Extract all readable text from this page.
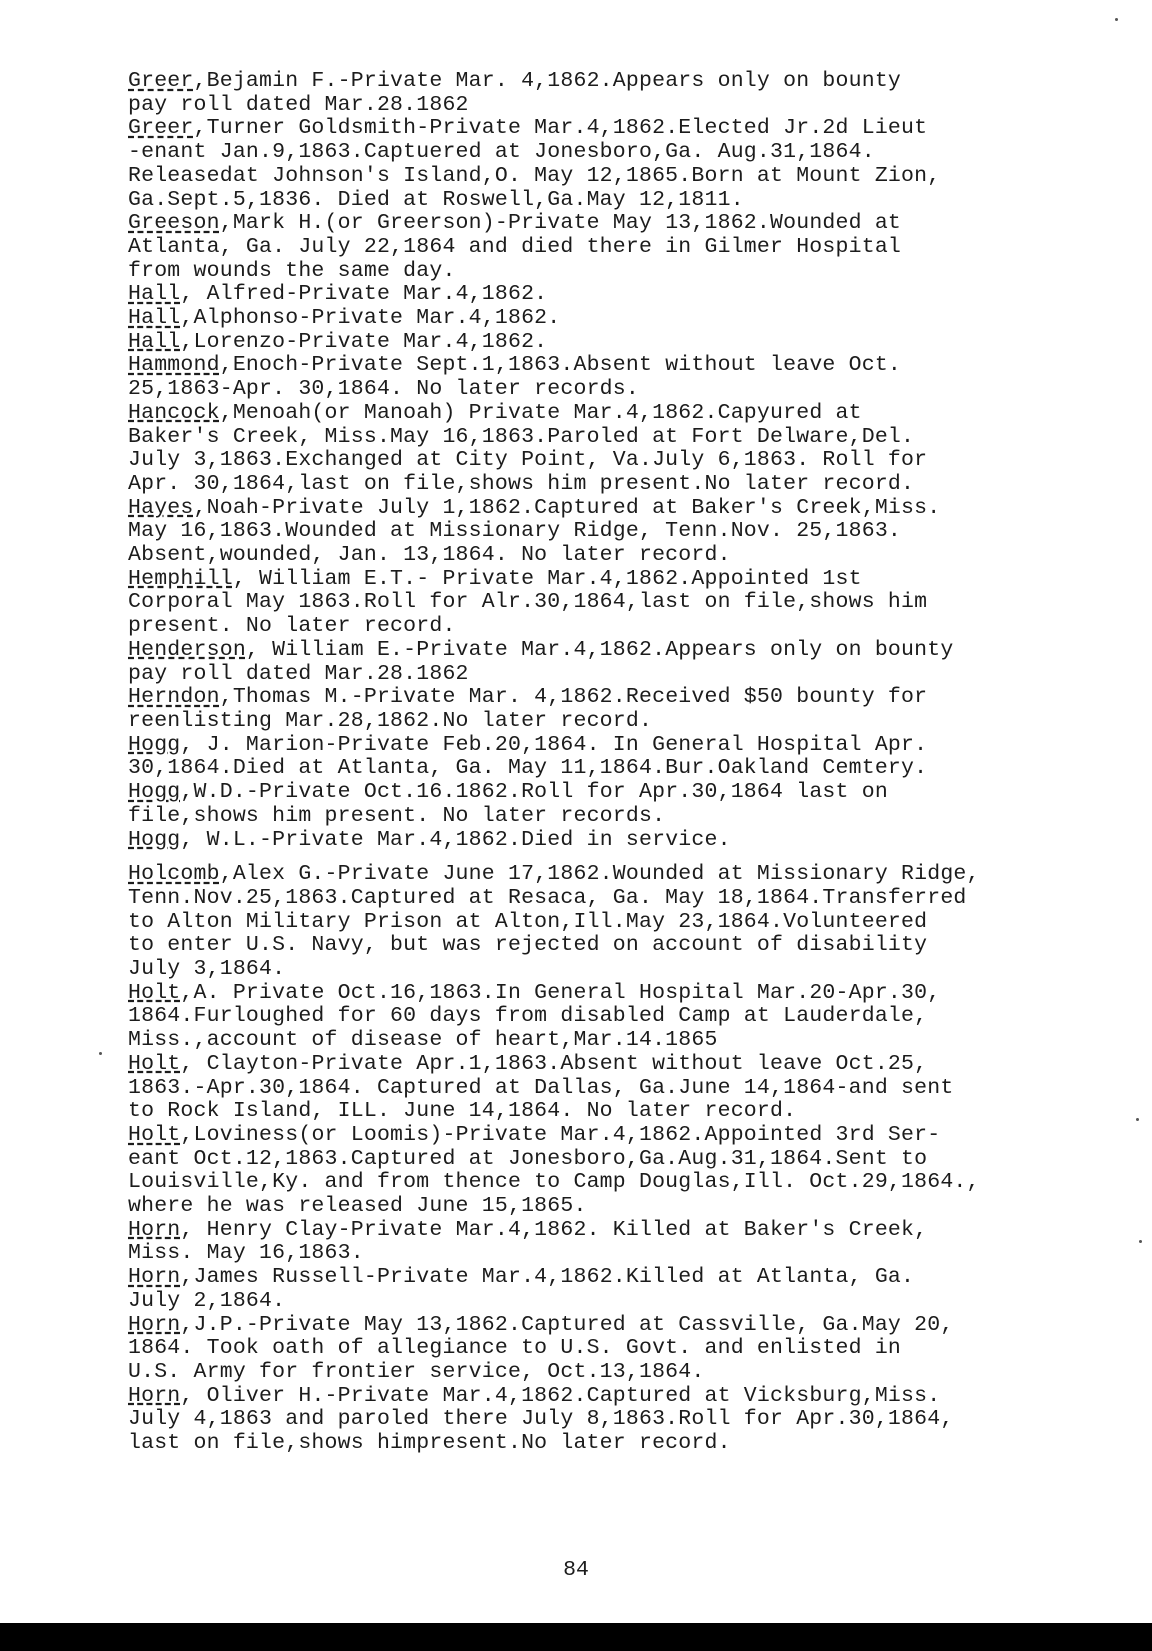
Greer,Bejamin F.-Private Mar. 4,1862.Appears only on bounty
pay roll dated Mar.28.1862
Greer,Turner Goldsmith-Private Mar.4,1862.Elected Jr.2d Lieut
-enant Jan.9,1863.Captuered at Jonesboro,Ga. Aug.31,1864.
Releasedat Johnson's Island,O. May 12,1865.Born at Mount Zion,
Ga.Sept.5,1836. Died at Roswell,Ga.May 12,1811.
Greeson,Mark H.(or Greerson)-Private May 13,1862.Wounded at
Atlanta, Ga. July 22,1864 and died there in Gilmer Hospital
from wounds the same day.
Hall, Alfred-Private Mar.4,1862.
Hall,Alphonso-Private Mar.4,1862.
Hall,Lorenzo-Private Mar.4,1862.
Hammond,Enoch-Private Sept.1,1863.Absent without leave Oct.
25,1863-Apr. 30,1864. No later records.
Hancock,Menoah(or Manoah) Private Mar.4,1862.Capyured at
Baker's Creek, Miss.May 16,1863.Paroled at Fort Delware,Del.
July 3,1863.Exchanged at City Point, Va.July 6,1863. Roll for
Apr. 30,1864,last on file,shows him present.No later record.
Hayes,Noah-Private July 1,1862.Captured at Baker's Creek,Miss.
May 16,1863.Wounded at Missionary Ridge, Tenn.Nov. 25,1863.
Absent,wounded, Jan. 13,1864. No later record.
Hemphill, William E.T.- Private Mar.4,1862.Appointed 1st
Corporal May 1863.Roll for Alr.30,1864,last on file,shows him
present. No later record.
Henderson, William E.-Private Mar.4,1862.Appears only on bounty
pay roll dated Mar.28.1862
Herndon,Thomas M.-Private Mar. 4,1862.Received $50 bounty for
reenlisting Mar.28,1862.No later record.
Hogg, J. Marion-Private Feb.20,1864. In General Hospital Apr.
30,1864.Died at Atlanta, Ga. May 11,1864.Bur.Oakland Cemtery.
Hogg,W.D.-Private Oct.16.1862.Roll for Apr.30,1864 last on
file,shows him present. No later records.
Hogg, W.L.-Private Mar.4,1862.Died in service.
Holcomb,Alex G.-Private June 17,1862.Wounded at Missionary Ridge,
Tenn.Nov.25,1863.Captured at Resaca, Ga. May 18,1864.Transferred
to Alton Military Prison at Alton,Ill.May 23,1864.Volunteered
to enter U.S. Navy, but was rejected on account of disability
July 3,1864.
Holt,A. Private Oct.16,1863.In General Hospital Mar.20-Apr.30,
1864.Furloughed for 60 days from disabled Camp at Lauderdale,
Miss.,account of disease of heart,Mar.14.1865
Holt, Clayton-Private Apr.1,1863.Absent without leave Oct.25,
1863.-Apr.30,1864. Captured at Dallas, Ga.June 14,1864-and sent
to Rock Island, ILL. June 14,1864. No later record.
Holt,Loviness(or Loomis)-Private Mar.4,1862.Appointed 3rd Ser-
eant Oct.12,1863.Captured at Jonesboro,Ga.Aug.31,1864.Sent to
Louisville,Ky. and from thence to Camp Douglas,Ill. Oct.29,1864.,
where he was released June 15,1865.
Horn, Henry Clay-Private Mar.4,1862. Killed at Baker's Creek,
Miss. May 16,1863.
Horn,James Russell-Private Mar.4,1862.Killed at Atlanta, Ga.
July 2,1864.
Horn,J.P.-Private May 13,1862.Captured at Cassville, Ga.May 20,
1864. Took oath of allegiance to U.S. Govt. and enlisted in
U.S. Army for frontier service, Oct.13,1864.
Horn, Oliver H.-Private Mar.4,1862.Captured at Vicksburg,Miss.
July 4,1863 and paroled there July 8,1863.Roll for Apr.30,1864,
last on file,shows himpresent.No later record.
84
